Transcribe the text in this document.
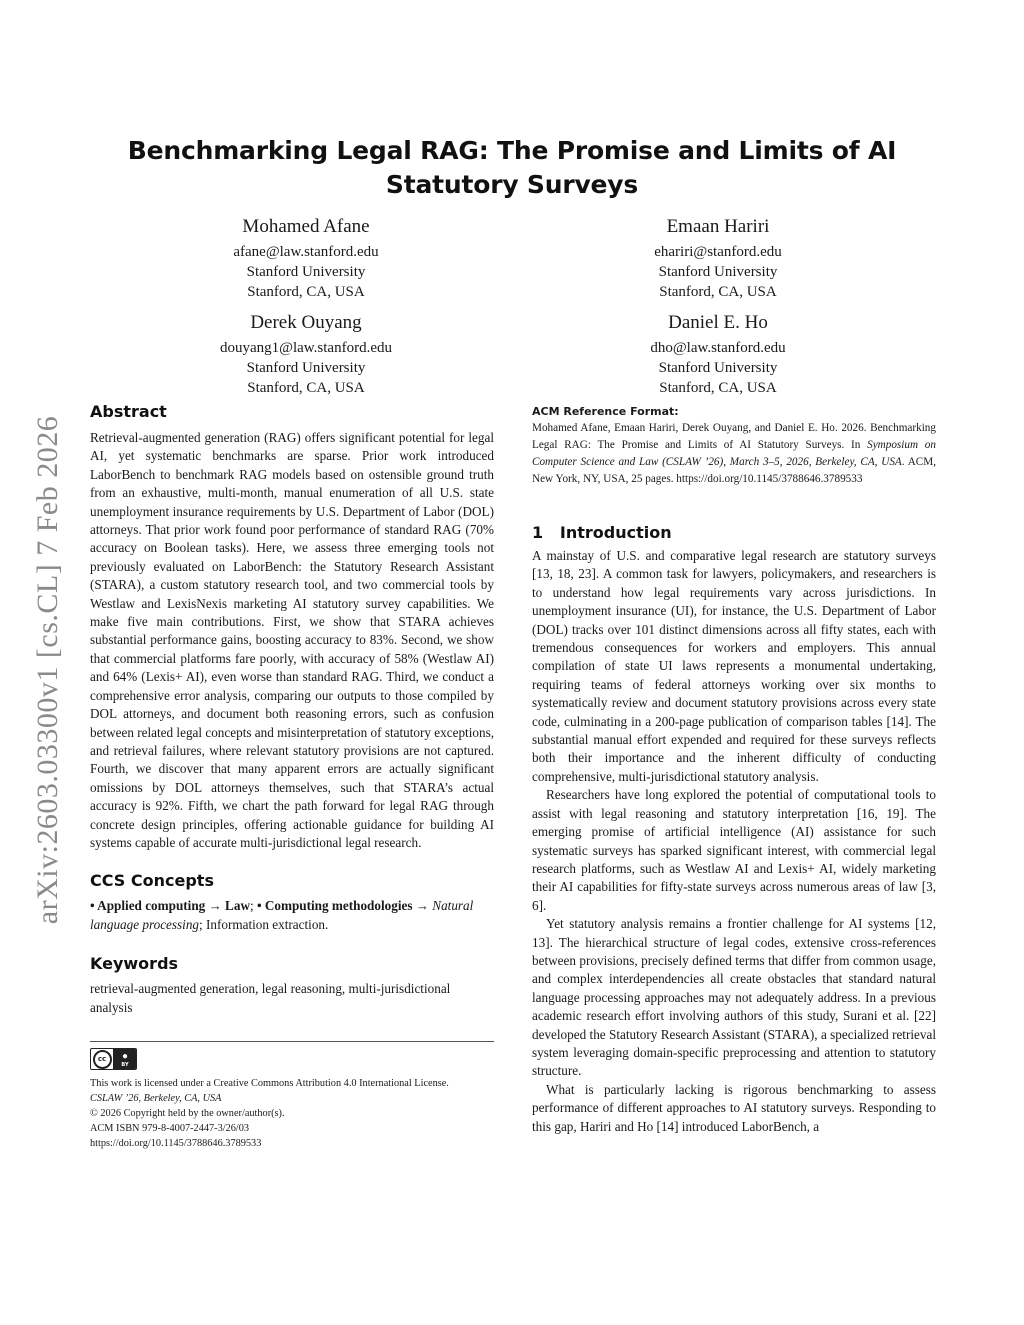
arXiv:2603.03300v1 [cs.CL] 7 Feb 2026
Benchmarking Legal RAG: The Promise and Limits of AI Statutory Surveys
Mohamed Afane
afane@law.stanford.edu
Stanford University
Stanford, CA, USA
Emaan Hariri
ehariri@stanford.edu
Stanford University
Stanford, CA, USA
Derek Ouyang
douyang1@law.stanford.edu
Stanford University
Stanford, CA, USA
Daniel E. Ho
dho@law.stanford.edu
Stanford University
Stanford, CA, USA
Abstract

Retrieval-augmented generation (RAG) offers significant potential for legal AI, yet systematic benchmarks are sparse. Prior work introduced LaborBench to benchmark RAG models based on ostensible ground truth from an exhaustive, multi-month, manual enumeration of all U.S. state unemployment insurance requirements by U.S. Department of Labor (DOL) attorneys. That prior work found poor performance of standard RAG (70% accuracy on Boolean tasks). Here, we assess three emerging tools not previously evaluated on LaborBench: the Statutory Research Assistant (STARA), a custom statutory research tool, and two commercial tools by Westlaw and LexisNexis marketing AI statutory survey capabilities. We make five main contributions. First, we show that STARA achieves substantial performance gains, boosting accuracy to 83%. Second, we show that commercial platforms fare poorly, with accuracy of 58% (Westlaw AI) and 64% (Lexis+ AI), even worse than standard RAG. Third, we conduct a comprehensive error analysis, comparing our outputs to those compiled by DOL attorneys, and document both reasoning errors, such as confusion between related legal concepts and misinterpretation of statutory exceptions, and retrieval failures, where relevant statutory provisions are not captured. Fourth, we discover that many apparent errors are actually significant omissions by DOL attorneys themselves, such that STARA’s actual accuracy is 92%. Fifth, we chart the path forward for legal RAG through concrete design principles, offering actionable guidance for building AI systems capable of accurate multi-jurisdictional legal research.

CCS Concepts

• Applied computing → Law; • Computing methodologies → Natural language processing; Information extraction.

Keywords

retrieval-augmented generation, legal reasoning, multi-jurisdictional analysis

cc	●
BY

This work is licensed under a Creative Commons Attribution 4.0 International License.

CSLAW ’26, Berkeley, CA, USA

© 2026 Copyright held by the owner/author(s).

ACM ISBN 979-8-4007-2447-3/26/03

https://doi.org/10.1145/3788646.3789533

ACM Reference Format:

Mohamed Afane, Emaan Hariri, Derek Ouyang, and Daniel E. Ho. 2026. Benchmarking Legal RAG: The Promise and Limits of AI Statutory Surveys. In Symposium on Computer Science and Law (CSLAW ’26), March 3–5, 2026, Berkeley, CA, USA. ACM, New York, NY, USA, 25 pages. https://doi.org/10.1145/3788646.3789533

1 Introduction

A mainstay of U.S. and comparative legal research are statutory surveys [13, 18, 23]. A common task for lawyers, policymakers, and researchers is to understand how legal requirements vary across jurisdictions. In unemployment insurance (UI), for instance, the U.S. Department of Labor (DOL) tracks over 101 distinct dimensions across all fifty states, each with tremendous consequences for workers and employers. This annual compilation of state UI laws represents a monumental undertaking, requiring teams of federal attorneys working over six months to systematically review and document statutory provisions across every state code, culminating in a 200-page publication of comparison tables [14]. The substantial manual effort expended and required for these surveys reflects both their importance and the inherent difficulty of conducting comprehensive, multi-jurisdictional statutory analysis.

Researchers have long explored the potential of computational tools to assist with legal reasoning and statutory interpretation [16, 19]. The emerging promise of artificial intelligence (AI) assistance for such systematic surveys has sparked significant interest, with commercial legal research platforms, such as Westlaw AI and Lexis+ AI, widely marketing their AI capabilities for fifty-state surveys across numerous areas of law [3, 6].

Yet statutory analysis remains a frontier challenge for AI systems [12, 13]. The hierarchical structure of legal codes, extensive cross-references between provisions, precisely defined terms that differ from common usage, and complex interdependencies all create obstacles that standard natural language processing approaches may not adequately address. In a previous academic research effort involving authors of this study, Surani et al. [22] developed the Statutory Research Assistant (STARA), a specialized retrieval system leveraging domain-specific preprocessing and attention to statutory structure.

What is particularly lacking is rigorous benchmarking to assess performance of different approaches to AI statutory surveys. Responding to this gap, Hariri and Ho [14] introduced LaborBench, a
